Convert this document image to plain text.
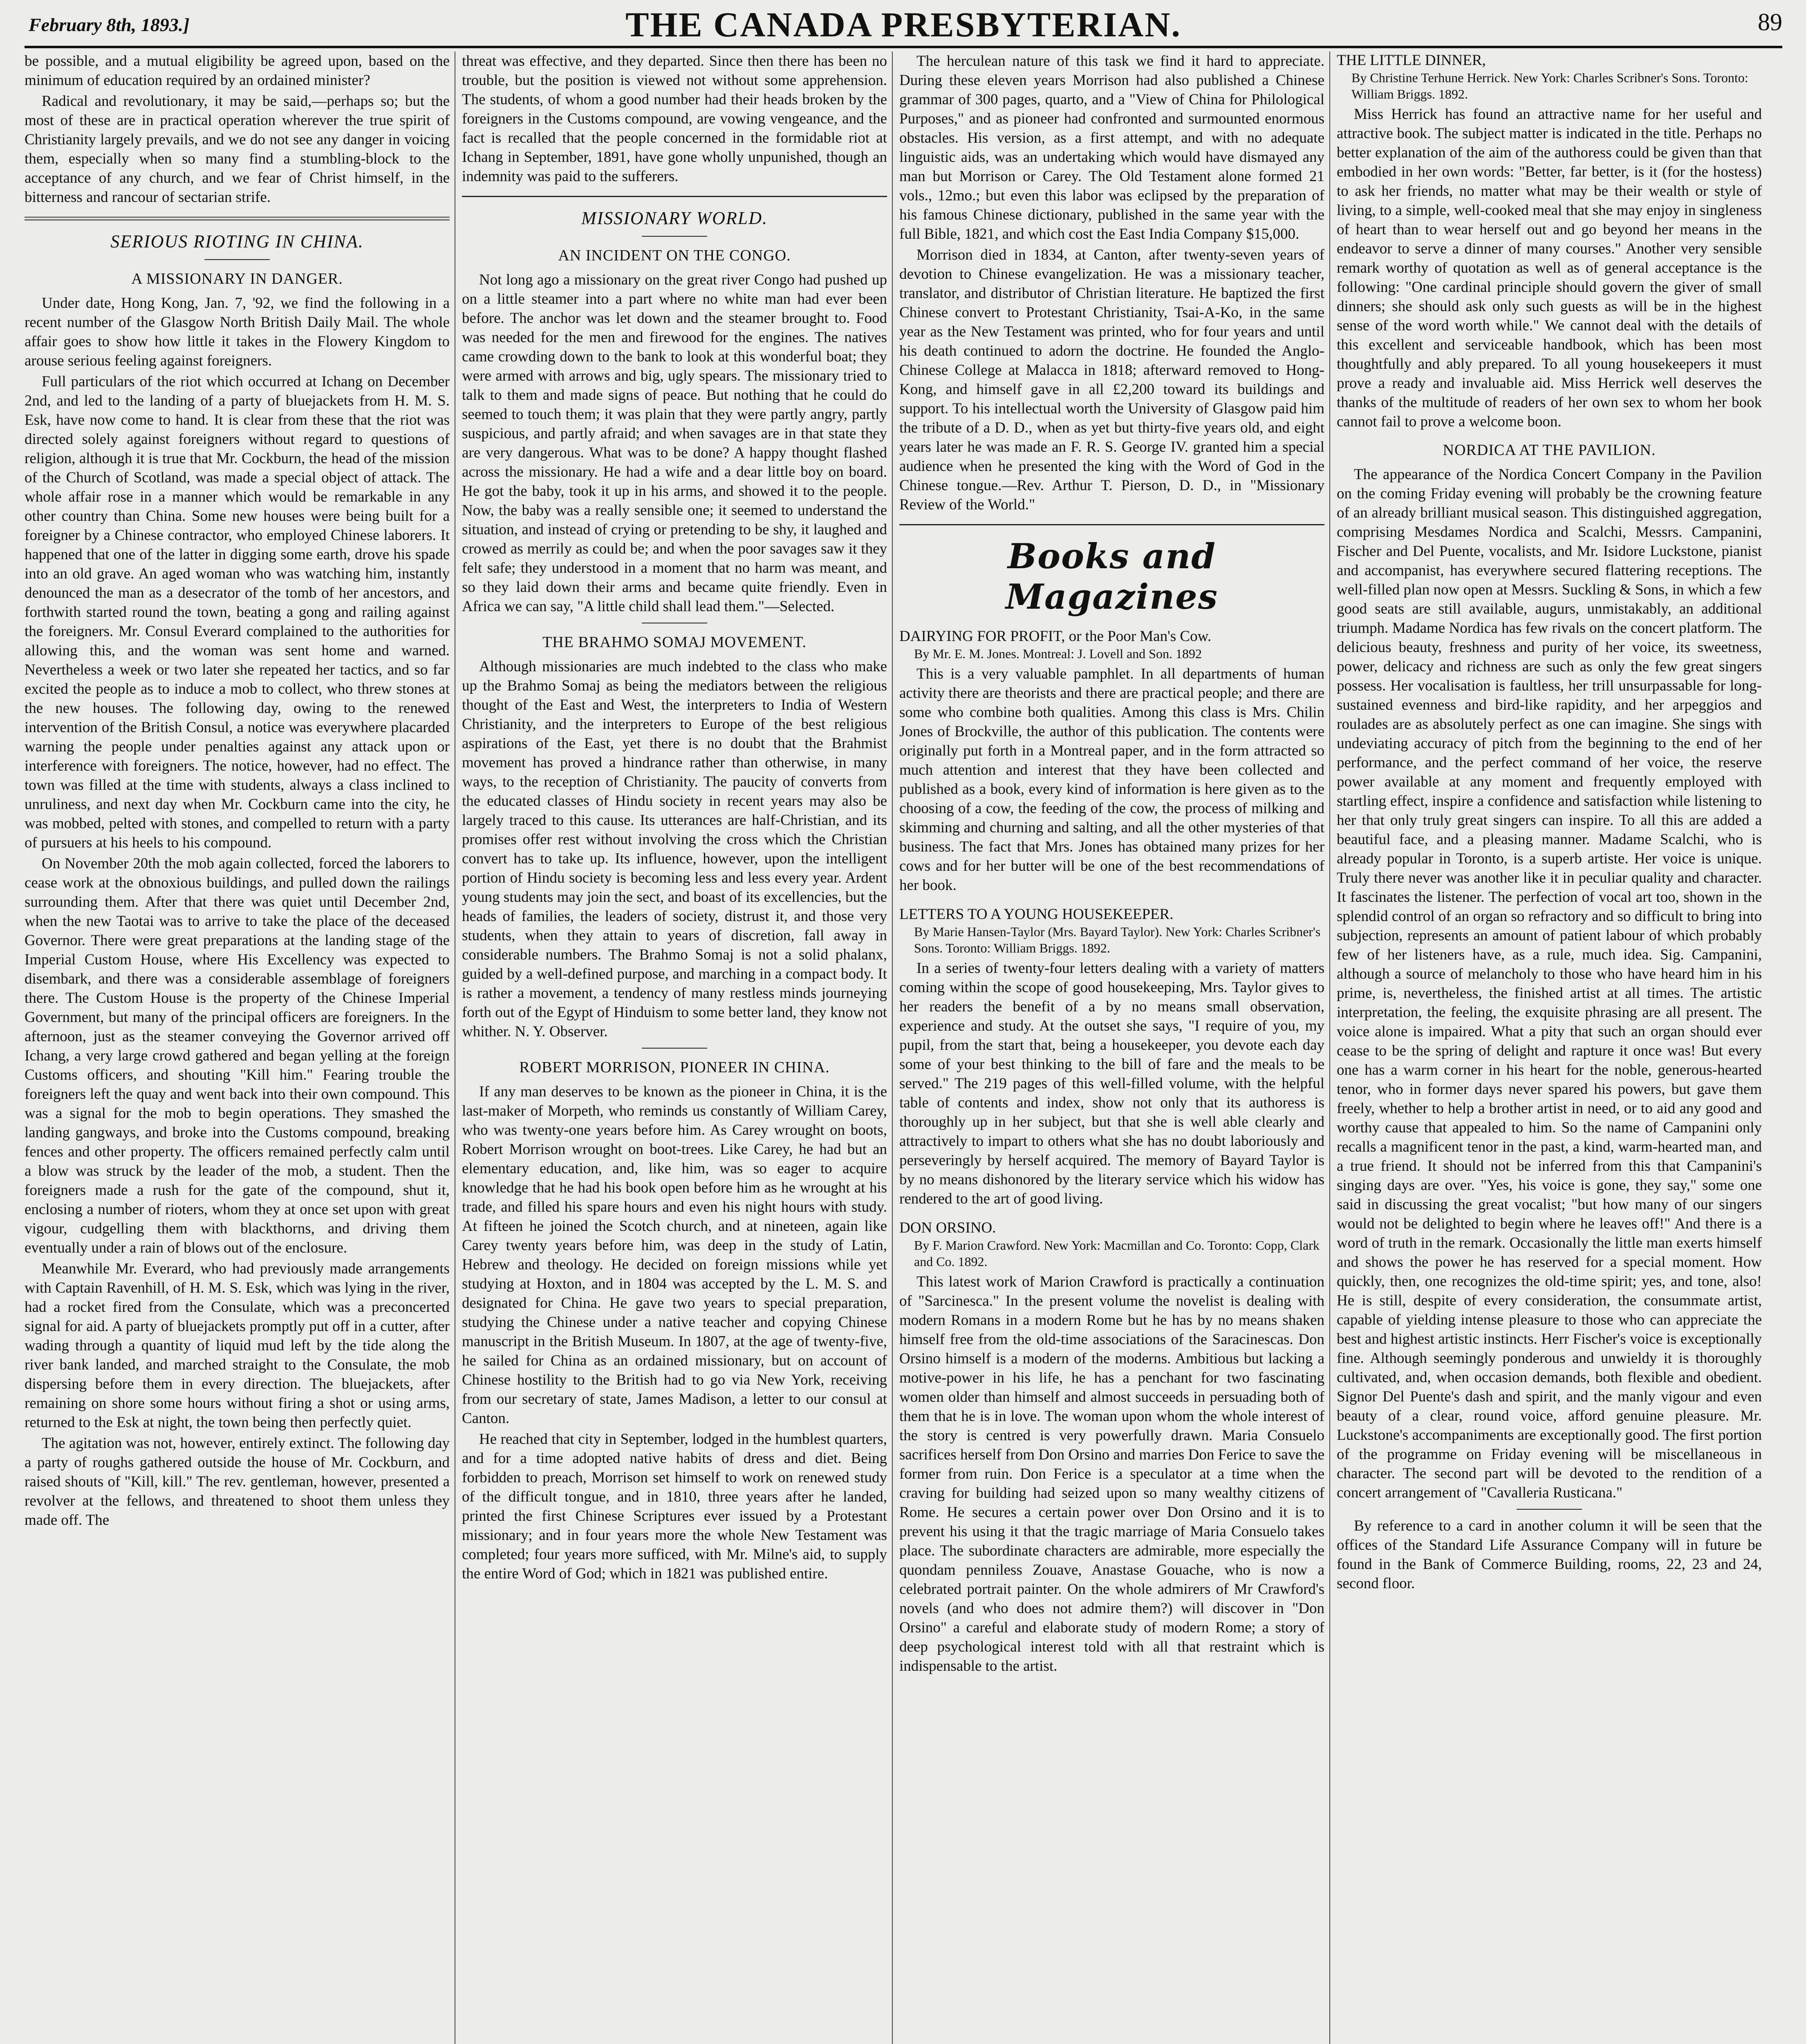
February 8th, 1893.]	THE CANADA PRESBYTERIAN.	89

be possible, and a mutual eligibility be agreed upon, based on the minimum of education required by an ordained minister?

Radical and revolutionary, it may be said,—perhaps so; but the most of these are in practical operation wherever the true spirit of Christianity largely prevails, and we do not see any danger in voicing them, especially when so many find a stumbling-block to the acceptance of any church, and we fear of Christ himself, in the bitterness and rancour of sectarian strife.

SERIOUS RIOTING IN CHINA.
A MISSIONARY IN DANGER.

Under date, Hong Kong, Jan. 7, '92, we find the following in a recent number of the Glasgow North British Daily Mail. The whole affair goes to show how little it takes in the Flowery Kingdom to arouse serious feeling against foreigners.

Full particulars of the riot which occurred at Ichang on December 2nd, and led to the landing of a party of bluejackets from H. M. S. Esk, have now come to hand. It is clear from these that the riot was directed solely against foreigners without regard to questions of religion, although it is true that Mr. Cockburn, the head of the mission of the Church of Scotland, was made a special object of attack. The whole affair rose in a manner which would be remarkable in any other country than China. Some new houses were being built for a foreigner by a Chinese contractor, who employed Chinese laborers. It happened that one of the latter in digging some earth, drove his spade into an old grave. An aged woman who was watching him, instantly denounced the man as a desecrator of the tomb of her ancestors, and forthwith started round the town, beating a gong and railing against the foreigners. Mr. Consul Everard complained to the authorities for allowing this, and the woman was sent home and warned. Nevertheless a week or two later she repeated her tactics, and so far excited the people as to induce a mob to collect, who threw stones at the new houses. The following day, owing to the renewed intervention of the British Consul, a notice was everywhere placarded warning the people under penalties against any attack upon or interference with foreigners. The notice, however, had no effect. The town was filled at the time with students, always a class inclined to unruliness, and next day when Mr. Cockburn came into the city, he was mobbed, pelted with stones, and compelled to return with a party of pursuers at his heels to his compound.

On November 20th the mob again collected, forced the laborers to cease work at the obnoxious buildings, and pulled down the railings surrounding them. After that there was quiet until December 2nd, when the new Taotai was to arrive to take the place of the deceased Governor. There were great preparations at the landing stage of the Imperial Custom House, where His Excellency was expected to disembark, and there was a considerable assemblage of foreigners there. The Custom House is the property of the Chinese Imperial Government, but many of the principal officers are foreigners. In the afternoon, just as the steamer conveying the Governor arrived off Ichang, a very large crowd gathered and began yelling at the foreign Customs officers, and shouting "Kill him." Fearing trouble the foreigners left the quay and went back into their own compound. This was a signal for the mob to begin operations. They smashed the landing gangways, and broke into the Customs compound, breaking fences and other property. The officers remained perfectly calm until a blow was struck by the leader of the mob, a student. Then the foreigners made a rush for the gate of the compound, shut it, enclosing a number of rioters, whom they at once set upon with great vigour, cudgelling them with blackthorns, and driving them eventually under a rain of blows out of the enclosure.

Meanwhile Mr. Everard, who had previously made arrangements with Captain Ravenhill, of H. M. S. Esk, which was lying in the river, had a rocket fired from the Consulate, which was a preconcerted signal for aid. A party of bluejackets promptly put off in a cutter, after wading through a quantity of liquid mud left by the tide along the river bank landed, and marched straight to the Consulate, the mob dispersing before them in every direction. The bluejackets, after remaining on shore some hours without firing a shot or using arms, returned to the Esk at night, the town being then perfectly quiet.

The agitation was not, however, entirely extinct. The following day a party of roughs gathered outside the house of Mr. Cockburn, and raised shouts of "Kill, kill." The rev. gentleman, however, presented a revolver at the fellows, and threatened to shoot them unless they made off. The

threat was effective, and they departed. Since then there has been no trouble, but the position is viewed not without some apprehension. The students, of whom a good number had their heads broken by the foreigners in the Customs compound, are vowing vengeance, and the fact is recalled that the people concerned in the formidable riot at Ichang in September, 1891, have gone wholly unpunished, though an indemnity was paid to the sufferers.

MISSIONARY WORLD.
AN INCIDENT ON THE CONGO.

Not long ago a missionary on the great river Congo had pushed up on a little steamer into a part where no white man had ever been before. The anchor was let down and the steamer brought to. Food was needed for the men and firewood for the engines. The natives came crowding down to the bank to look at this wonderful boat; they were armed with arrows and big, ugly spears. The missionary tried to talk to them and made signs of peace. But nothing that he could do seemed to touch them; it was plain that they were partly angry, partly suspicious, and partly afraid; and when savages are in that state they are very dangerous. What was to be done? A happy thought flashed across the missionary. He had a wife and a dear little boy on board. He got the baby, took it up in his arms, and showed it to the people. Now, the baby was a really sensible one; it seemed to understand the situation, and instead of crying or pretending to be shy, it laughed and crowed as merrily as could be; and when the poor savages saw it they felt safe; they understood in a moment that no harm was meant, and so they laid down their arms and became quite friendly. Even in Africa we can say, "A little child shall lead them."—Selected.

THE BRAHMO SOMAJ MOVEMENT.

Although missionaries are much indebted to the class who make up the Brahmo Somaj as being the mediators between the religious thought of the East and West, the interpreters to India of Western Christianity, and the interpreters to Europe of the best religious aspirations of the East, yet there is no doubt that the Brahmist movement has proved a hindrance rather than otherwise, in many ways, to the reception of Christianity. The paucity of converts from the educated classes of Hindu society in recent years may also be largely traced to this cause. Its utterances are half-Christian, and its promises offer rest without involving the cross which the Christian convert has to take up. Its influence, however, upon the intelligent portion of Hindu society is becoming less and less every year. Ardent young students may join the sect, and boast of its excellencies, but the heads of families, the leaders of society, distrust it, and those very students, when they attain to years of discretion, fall away in considerable numbers. The Brahmo Somaj is not a solid phalanx, guided by a well-defined purpose, and marching in a compact body. It is rather a movement, a tendency of many restless minds journeying forth out of the Egypt of Hinduism to some better land, they know not whither. N. Y. Observer.

ROBERT MORRISON, PIONEER IN CHINA.

If any man deserves to be known as the pioneer in China, it is the last-maker of Morpeth, who reminds us constantly of William Carey, who was twenty-one years before him. As Carey wrought on boots, Robert Morrison wrought on boot-trees. Like Carey, he had but an elementary education, and, like him, was so eager to acquire knowledge that he had his book open before him as he wrought at his trade, and filled his spare hours and even his night hours with study. At fifteen he joined the Scotch church, and at nineteen, again like Carey twenty years before him, was deep in the study of Latin, Hebrew and theology. He decided on foreign missions while yet studying at Hoxton, and in 1804 was accepted by the L. M. S. and designated for China. He gave two years to special preparation, studying the Chinese under a native teacher and copying Chinese manuscript in the British Museum. In 1807, at the age of twenty-five, he sailed for China as an ordained missionary, but on account of Chinese hostility to the British had to go via New York, receiving from our secretary of state, James Madison, a letter to our consul at Canton.

He reached that city in September, lodged in the humblest quarters, and for a time adopted native habits of dress and diet. Being forbidden to preach, Morrison set himself to work on renewed study of the difficult tongue, and in 1810, three years after he landed, printed the first Chinese Scriptures ever issued by a Protestant missionary; and in four years more the whole New Testament was completed; four years more sufficed, with Mr. Milne's aid, to supply the entire Word of God; which in 1821 was published entire.

The herculean nature of this task we find it hard to appreciate. During these eleven years Morrison had also published a Chinese grammar of 300 pages, quarto, and a "View of China for Philological Purposes," and as pioneer had confronted and surmounted enormous obstacles. His version, as a first attempt, and with no adequate linguistic aids, was an undertaking which would have dismayed any man but Morrison or Carey. The Old Testament alone formed 21 vols., 12mo.; but even this labor was eclipsed by the preparation of his famous Chinese dictionary, published in the same year with the full Bible, 1821, and which cost the East India Company $15,000.

Morrison died in 1834, at Canton, after twenty-seven years of devotion to Chinese evangelization. He was a missionary teacher, translator, and distributor of Christian literature. He baptized the first Chinese convert to Protestant Christianity, Tsai-A-Ko, in the same year as the New Testament was printed, who for four years and until his death continued to adorn the doctrine. He founded the Anglo-Chinese College at Malacca in 1818; afterward removed to Hong-Kong, and himself gave in all £2,200 toward its buildings and support. To his intellectual worth the University of Glasgow paid him the tribute of a D. D., when as yet but thirty-five years old, and eight years later he was made an F. R. S. George IV. granted him a special audience when he presented the king with the Word of God in the Chinese tongue.—Rev. Arthur T. Pierson, D. D., in "Missionary Review of the World."

Books and Magazines
DAIRYING FOR PROFIT, or the Poor Man's Cow.
By Mr. E. M. Jones. Montreal: J. Lovell and Son. 1892

This is a very valuable pamphlet. In all departments of human activity there are theorists and there are practical people; and there are some who combine both qualities. Among this class is Mrs. Chilin Jones of Brockville, the author of this publication. The contents were originally put forth in a Montreal paper, and in the form attracted so much attention and interest that they have been collected and published as a book, every kind of information is here given as to the choosing of a cow, the feeding of the cow, the process of milking and skimming and churning and salting, and all the other mysteries of that business. The fact that Mrs. Jones has obtained many prizes for her cows and for her butter will be one of the best recommendations of her book.

LETTERS TO A YOUNG HOUSEKEEPER.
By Marie Hansen-Taylor (Mrs. Bayard Taylor). New York: Charles Scribner's Sons. Toronto: William Briggs. 1892.

In a series of twenty-four letters dealing with a variety of matters coming within the scope of good housekeeping, Mrs. Taylor gives to her readers the benefit of a by no means small observation, experience and study. At the outset she says, "I require of you, my pupil, from the start that, being a housekeeper, you devote each day some of your best thinking to the bill of fare and the meals to be served." The 219 pages of this well-filled volume, with the helpful table of contents and index, show not only that its authoress is thoroughly up in her subject, but that she is well able clearly and attractively to impart to others what she has no doubt laboriously and perseveringly by herself acquired. The memory of Bayard Taylor is by no means dishonored by the literary service which his widow has rendered to the art of good living.

DON ORSINO.
By F. Marion Crawford. New York: Macmillan and Co. Toronto: Copp, Clark and Co. 1892.

This latest work of Marion Crawford is practically a continuation of "Sarcinesca." In the present volume the novelist is dealing with modern Romans in a modern Rome but he has by no means shaken himself free from the old-time associations of the Saracinescas. Don Orsino himself is a modern of the moderns. Ambitious but lacking a motive-power in his life, he has a penchant for two fascinating women older than himself and almost succeeds in persuading both of them that he is in love. The woman upon whom the whole interest of the story is centred is very powerfully drawn. Maria Consuelo sacrifices herself from Don Orsino and marries Don Ferice to save the former from ruin. Don Ferice is a speculator at a time when the craving for building had seized upon so many wealthy citizens of Rome. He secures a certain power over Don Orsino and it is to prevent his using it that the tragic marriage of Maria Consuelo takes place. The subordinate characters are admirable, more especially the quondam penniless Zouave, Anastase Gouache, who is now a celebrated portrait painter. On the whole admirers of Mr Crawford's novels (and who does not admire them?) will discover in "Don Orsino" a careful and elaborate study of modern Rome; a story of deep psychological interest told with all that restraint which is indispensable to the artist.

THE LITTLE DINNER,
By Christine Terhune Herrick. New York: Charles Scribner's Sons. Toronto: William Briggs. 1892.

Miss Herrick has found an attractive name for her useful and attractive book. The subject matter is indicated in the title. Perhaps no better explanation of the aim of the authoress could be given than that embodied in her own words: "Better, far better, is it (for the hostess) to ask her friends, no matter what may be their wealth or style of living, to a simple, well-cooked meal that she may enjoy in singleness of heart than to wear herself out and go beyond her means in the endeavor to serve a dinner of many courses." Another very sensible remark worthy of quotation as well as of general acceptance is the following: "One cardinal principle should govern the giver of small dinners; she should ask only such guests as will be in the highest sense of the word worth while." We cannot deal with the details of this excellent and serviceable handbook, which has been most thoughtfully and ably prepared. To all young housekeepers it must prove a ready and invaluable aid. Miss Herrick well deserves the thanks of the multitude of readers of her own sex to whom her book cannot fail to prove a welcome boon.

NORDICA AT THE PAVILION.

The appearance of the Nordica Concert Company in the Pavilion on the coming Friday evening will probably be the crowning feature of an already brilliant musical season. This distinguished aggregation, comprising Mesdames Nordica and Scalchi, Messrs. Campanini, Fischer and Del Puente, vocalists, and Mr. Isidore Luckstone, pianist and accompanist, has everywhere secured flattering receptions. The well-filled plan now open at Messrs. Suckling & Sons, in which a few good seats are still available, augurs, unmistakably, an additional triumph. Madame Nordica has few rivals on the concert platform. The delicious beauty, freshness and purity of her voice, its sweetness, power, delicacy and richness are such as only the few great singers possess. Her vocalisation is faultless, her trill unsurpassable for long-sustained evenness and bird-like rapidity, and her arpeggios and roulades are as absolutely perfect as one can imagine. She sings with undeviating accuracy of pitch from the beginning to the end of her performance, and the perfect command of her voice, the reserve power available at any moment and frequently employed with startling effect, inspire a confidence and satisfaction while listening to her that only truly great singers can inspire. To all this are added a beautiful face, and a pleasing manner. Madame Scalchi, who is already popular in Toronto, is a superb artiste. Her voice is unique. Truly there never was another like it in peculiar quality and character. It fascinates the listener. The perfection of vocal art too, shown in the splendid control of an organ so refractory and so difficult to bring into subjection, represents an amount of patient labour of which probably few of her listeners have, as a rule, much idea. Sig. Campanini, although a source of melancholy to those who have heard him in his prime, is, nevertheless, the finished artist at all times. The artistic interpretation, the feeling, the exquisite phrasing are all present. The voice alone is impaired. What a pity that such an organ should ever cease to be the spring of delight and rapture it once was! But every one has a warm corner in his heart for the noble, generous-hearted tenor, who in former days never spared his powers, but gave them freely, whether to help a brother artist in need, or to aid any good and worthy cause that appealed to him. So the name of Campanini only recalls a magnificent tenor in the past, a kind, warm-hearted man, and a true friend. It should not be inferred from this that Campanini's singing days are over. "Yes, his voice is gone, they say," some one said in discussing the great vocalist; "but how many of our singers would not be delighted to begin where he leaves off!" And there is a word of truth in the remark. Occasionally the little man exerts himself and shows the power he has reserved for a special moment. How quickly, then, one recognizes the old-time spirit; yes, and tone, also! He is still, despite of every consideration, the consummate artist, capable of yielding intense pleasure to those who can appreciate the best and highest artistic instincts. Herr Fischer's voice is exceptionally fine. Although seemingly ponderous and unwieldy it is thoroughly cultivated, and, when occasion demands, both flexible and obedient. Signor Del Puente's dash and spirit, and the manly vigour and even beauty of a clear, round voice, afford genuine pleasure. Mr. Luckstone's accompaniments are exceptionally good. The first portion of the programme on Friday evening will be miscellaneous in character. The second part will be devoted to the rendition of a concert arrangement of "Cavalleria Rusticana."

By reference to a card in another column it will be seen that the offices of the Standard Life Assurance Company will in future be found in the Bank of Commerce Building, rooms, 22, 23 and 24, second floor.
